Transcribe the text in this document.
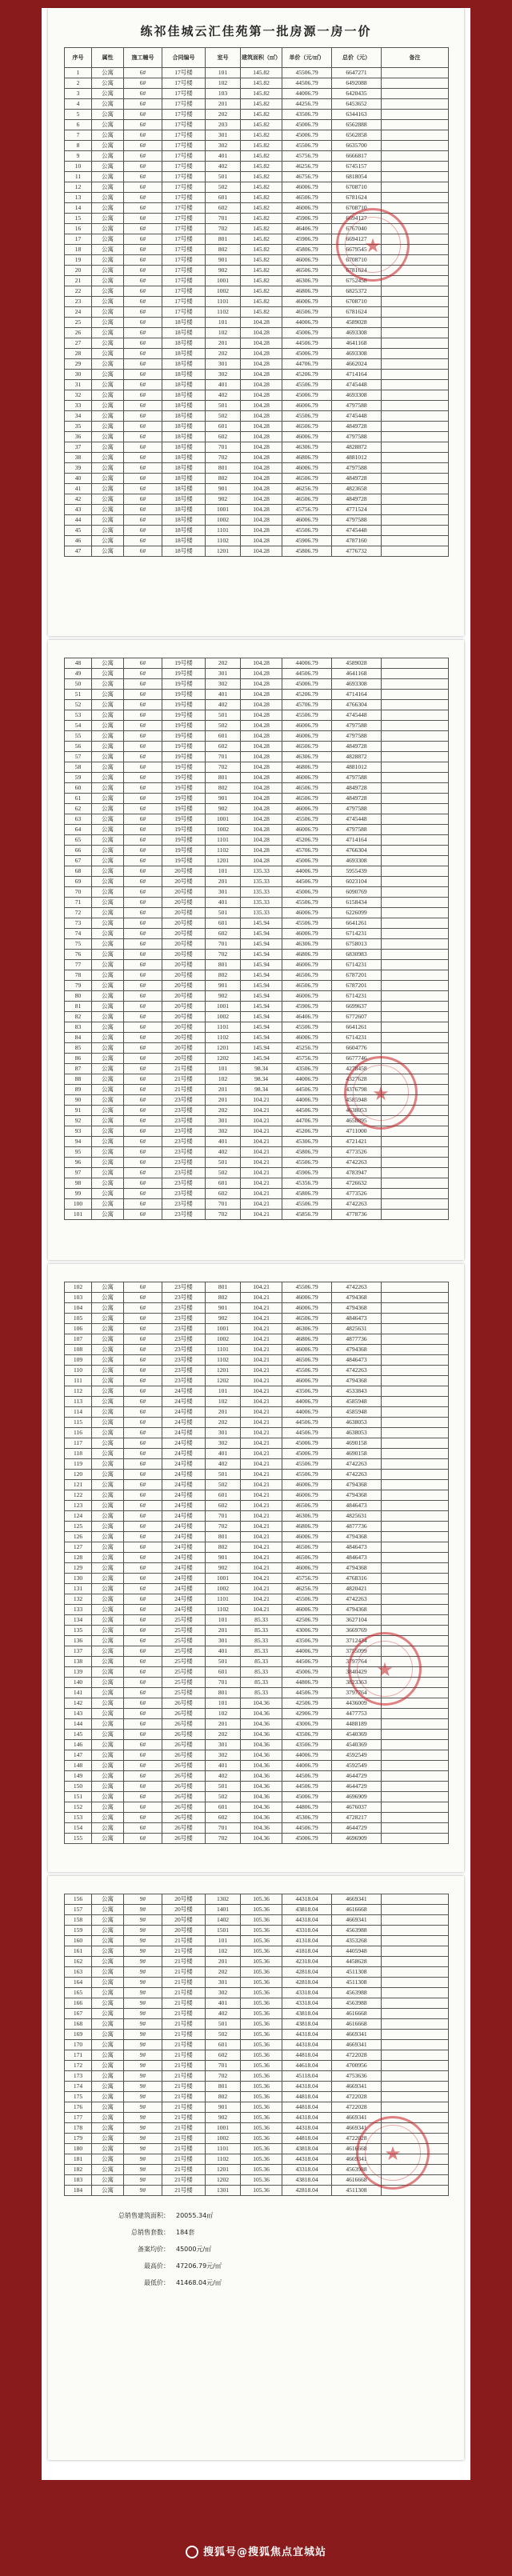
练祁佳城云汇佳苑第一批房源一房一价
序号	属性	施工幢号	合同编号	室号	建筑面积（㎡）	单价（元/㎡）	总价（元）	备注
1	公寓	6#	17号楼	101	145.82	45506.79	6647271	
2	公寓	6#	17号楼	102	145.82	44506.79	6492088	
3	公寓	6#	17号楼	103	145.82	44006.79	6420435	
4	公寓	6#	17号楼	201	145.82	44256.79	6453652	
5	公寓	6#	17号楼	202	145.82	43506.79	6344163	
6	公寓	6#	17号楼	203	145.82	45006.79	6562888	
7	公寓	6#	17号楼	301	145.82	45006.79	6562858	
8	公寓	6#	17号楼	302	145.82	45506.79	6635700	
9	公寓	6#	17号楼	401	145.82	45756.79	6666817	
10	公寓	6#	17号楼	402	145.82	46256.79	6745157	
11	公寓	6#	17号楼	501	145.82	46756.79	6818054	
12	公寓	6#	17号楼	502	145.82	46006.79	6708710	
13	公寓	6#	17号楼	601	145.82	46506.79	6781624	
14	公寓	6#	17号楼	602	145.82	46006.79	6708710	
15	公寓	6#	17号楼	701	145.82	45906.79	6694127	
16	公寓	6#	17号楼	702	145.82	46406.79	6767040	
17	公寓	6#	17号楼	801	145.82	45906.79	6694127	
18	公寓	6#	17号楼	802	145.82	45806.79	6679545	
19	公寓	6#	17号楼	901	145.82	46006.79	6708710	
20	公寓	6#	17号楼	902	145.82	46506.79	6781624	
21	公寓	6#	17号楼	1001	145.82	46306.79	6752458	
22	公寓	6#	17号楼	1002	145.82	46806.79	6825372	
23	公寓	6#	17号楼	1101	145.82	46006.79	6708710	
24	公寓	6#	17号楼	1102	145.82	46506.79	6781624	
25	公寓	6#	18号楼	101	104.28	44006.79	4589028	
26	公寓	6#	18号楼	102	104.28	45006.79	4693308	
27	公寓	6#	18号楼	201	104.28	44506.79	4641168	
28	公寓	6#	18号楼	202	104.28	45006.79	4693308	
29	公寓	6#	18号楼	301	104.28	44706.79	4662024	
30	公寓	6#	18号楼	302	104.28	45206.79	4714164	
31	公寓	6#	18号楼	401	104.28	45506.79	4745448	
32	公寓	6#	18号楼	402	104.28	45006.79	4693308	
33	公寓	6#	18号楼	501	104.28	46006.79	4797588	
34	公寓	6#	18号楼	502	104.28	45506.79	4745448	
35	公寓	6#	18号楼	601	104.28	46506.79	4849728	
36	公寓	6#	18号楼	602	104.28	46006.79	4797588	
37	公寓	6#	18号楼	701	104.28	46306.79	4828872	
38	公寓	6#	18号楼	702	104.28	46806.79	4881012	
39	公寓	6#	18号楼	801	104.28	46006.79	4797588	
40	公寓	6#	18号楼	802	104.28	46506.79	4849728	
41	公寓	6#	18号楼	901	104.28	46256.79	4823658	
42	公寓	6#	18号楼	902	104.28	46506.79	4849728	
43	公寓	6#	18号楼	1001	104.28	45756.79	4771524	
44	公寓	6#	18号楼	1002	104.28	46006.79	4797588	
45	公寓	6#	18号楼	1101	104.28	45506.79	4745448	
46	公寓	6#	18号楼	1102	104.28	45906.79	4787160	
47	公寓	6#	18号楼	1201	104.28	45806.79	4776732	
★
48	公寓	6#	19号楼	202	104.28	44006.79	4589028	
49	公寓	6#	19号楼	301	104.28	44506.79	4641168	
50	公寓	6#	19号楼	302	104.28	45006.79	4693308	
51	公寓	6#	19号楼	401	104.28	45206.79	4714164	
52	公寓	6#	19号楼	402	104.28	45706.79	4766304	
53	公寓	6#	19号楼	501	104.28	45506.79	4745448	
54	公寓	6#	19号楼	502	104.28	46006.79	4797588	
55	公寓	6#	19号楼	601	104.28	46006.79	4797588	
56	公寓	6#	19号楼	602	104.28	46506.79	4849728	
57	公寓	6#	19号楼	701	104.28	46306.79	4828872	
58	公寓	6#	19号楼	702	104.28	46806.79	4881012	
59	公寓	6#	19号楼	801	104.28	46006.79	4797588	
60	公寓	6#	19号楼	802	104.28	46506.79	4849728	
61	公寓	6#	19号楼	901	104.28	46506.79	4849728	
62	公寓	6#	19号楼	902	104.28	46006.79	4797588	
63	公寓	6#	19号楼	1001	104.28	45506.79	4745448	
64	公寓	6#	19号楼	1002	104.28	46006.79	4797588	
65	公寓	6#	19号楼	1101	104.28	45206.79	4714164	
66	公寓	6#	19号楼	1102	104.28	45706.79	4766304	
67	公寓	6#	19号楼	1201	104.28	45006.79	4693308	
68	公寓	6#	20号楼	101	135.33	44006.79	5955439	
69	公寓	6#	20号楼	201	135.33	44506.79	6023104	
70	公寓	6#	20号楼	301	135.33	45006.79	6090769	
71	公寓	6#	20号楼	401	135.33	45506.79	6158434	
72	公寓	6#	20号楼	501	135.33	46006.79	6226099	
73	公寓	6#	20号楼	601	145.94	45506.79	6641261	
74	公寓	6#	20号楼	602	145.94	46006.79	6714231	
75	公寓	6#	20号楼	701	145.94	46306.79	6758013	
76	公寓	6#	20号楼	702	145.94	46806.79	6830983	
77	公寓	6#	20号楼	801	145.94	46006.79	6714231	
78	公寓	6#	20号楼	802	145.94	46506.79	6787201	
79	公寓	6#	20号楼	901	145.94	46506.79	6787201	
80	公寓	6#	20号楼	902	145.94	46006.79	6714231	
81	公寓	6#	20号楼	1001	145.94	45906.79	6699637	
82	公寓	6#	20号楼	1002	145.94	46406.79	6772607	
83	公寓	6#	20号楼	1101	145.94	45506.79	6641261	
84	公寓	6#	20号楼	1102	145.94	46006.79	6714231	
85	公寓	6#	20号楼	1201	145.94	45256.79	6604776	
86	公寓	6#	20号楼	1202	145.94	45756.79	6677746	
87	公寓	6#	21号楼	101	98.34	43506.79	4278458	
88	公寓	6#	21号楼	102	98.34	44006.79	4327628	
89	公寓	6#	21号楼	201	98.34	44506.79	4376798	
90	公寓	6#	23号楼	201	104.21	44006.79	4585948	
91	公寓	6#	23号楼	202	104.21	44506.79	4638053	
92	公寓	6#	23号楼	301	104.21	44706.79	4658895	
93	公寓	6#	23号楼	302	104.21	45206.79	4711000	
94	公寓	6#	23号楼	401	104.21	45306.79	4721421	
95	公寓	6#	23号楼	402	104.21	45806.79	4773526	
96	公寓	6#	23号楼	501	104.21	45506.79	4742263	
97	公寓	6#	23号楼	502	104.21	45906.79	4783947	
98	公寓	6#	23号楼	601	104.21	45356.79	4726632	
99	公寓	6#	23号楼	602	104.21	45806.79	4773526	
100	公寓	6#	23号楼	701	104.21	45506.79	4742263	
101	公寓	6#	23号楼	702	104.21	45856.79	4778736	
★
102	公寓	6#	23号楼	801	104.21	45506.79	4742263	
103	公寓	6#	23号楼	802	104.21	46006.79	4794368	
104	公寓	6#	23号楼	901	104.21	46006.79	4794368	
105	公寓	6#	23号楼	902	104.21	46506.79	4846473	
106	公寓	6#	23号楼	1001	104.21	46306.79	4825631	
107	公寓	6#	23号楼	1002	104.21	46806.79	4877736	
108	公寓	6#	23号楼	1101	104.21	46006.79	4794368	
109	公寓	6#	23号楼	1102	104.21	46506.79	4846473	
110	公寓	6#	23号楼	1201	104.21	45506.79	4742263	
111	公寓	6#	23号楼	1202	104.21	46006.79	4794368	
112	公寓	6#	24号楼	101	104.21	43506.79	4533843	
113	公寓	6#	24号楼	102	104.21	44006.79	4585948	
114	公寓	6#	24号楼	201	104.21	44006.79	4585948	
115	公寓	6#	24号楼	202	104.21	44506.79	4638053	
116	公寓	6#	24号楼	301	104.21	44506.79	4638053	
117	公寓	6#	24号楼	302	104.21	45006.79	4690158	
118	公寓	6#	24号楼	401	104.21	45006.79	4690158	
119	公寓	6#	24号楼	402	104.21	45506.79	4742263	
120	公寓	6#	24号楼	501	104.21	45506.79	4742263	
121	公寓	6#	24号楼	502	104.21	46006.79	4794368	
122	公寓	6#	24号楼	601	104.21	46006.79	4794368	
123	公寓	6#	24号楼	602	104.21	46506.79	4846473	
124	公寓	6#	24号楼	701	104.21	46306.79	4825631	
125	公寓	6#	24号楼	702	104.21	46806.79	4877736	
126	公寓	6#	24号楼	801	104.21	46006.79	4794368	
127	公寓	6#	24号楼	802	104.21	46506.79	4846473	
128	公寓	6#	24号楼	901	104.21	46506.79	4846473	
129	公寓	6#	24号楼	902	104.21	46006.79	4794368	
130	公寓	6#	24号楼	1001	104.21	45756.79	4768316	
131	公寓	6#	24号楼	1002	104.21	46256.79	4820421	
132	公寓	6#	24号楼	1101	104.21	45506.79	4742263	
133	公寓	6#	24号楼	1102	104.21	46006.79	4794368	
134	公寓	6#	25号楼	101	85.33	42506.79	3627104	
135	公寓	6#	25号楼	201	85.33	43006.79	3669769	
136	公寓	6#	25号楼	301	85.33	43506.79	3712434	
137	公寓	6#	25号楼	401	85.33	44006.79	3755099	
138	公寓	6#	25号楼	501	85.33	44506.79	3797764	
139	公寓	6#	25号楼	601	85.33	45006.79	3840429	
140	公寓	6#	25号楼	701	85.33	44806.79	3823363	
141	公寓	6#	25号楼	801	85.33	44506.79	3797764	
142	公寓	6#	26号楼	101	104.36	42506.79	4436009	
143	公寓	6#	26号楼	102	104.36	42906.79	4477753	
144	公寓	6#	26号楼	201	104.36	43006.79	4488189	
145	公寓	6#	26号楼	202	104.36	43506.79	4540369	
146	公寓	6#	26号楼	301	104.36	43506.79	4540369	
147	公寓	6#	26号楼	302	104.36	44006.79	4592549	
148	公寓	6#	26号楼	401	104.36	44006.79	4592549	
149	公寓	6#	26号楼	402	104.36	44506.79	4644729	
150	公寓	6#	26号楼	501	104.36	44506.79	4644729	
151	公寓	6#	26号楼	502	104.36	45006.79	4696909	
152	公寓	6#	26号楼	601	104.36	44806.79	4676037	
153	公寓	6#	26号楼	602	104.36	45306.79	4728217	
154	公寓	6#	26号楼	701	104.36	44506.79	4644729	
155	公寓	6#	26号楼	702	104.36	45006.79	4696909	
★
156	公寓	9#	20号楼	1302	105.36	44318.04	4669341	
157	公寓	9#	20号楼	1401	105.36	43818.04	4616668	
158	公寓	9#	20号楼	1402	105.36	44318.04	4669341	
159	公寓	9#	20号楼	1501	105.36	43318.04	4563988	
160	公寓	9#	21号楼	101	105.36	41318.04	4353268	
161	公寓	9#	21号楼	102	105.36	41818.04	4405948	
162	公寓	9#	21号楼	201	105.36	42318.04	4458628	
163	公寓	9#	21号楼	202	105.36	42818.04	4511308	
164	公寓	9#	21号楼	301	105.36	42818.04	4511308	
165	公寓	9#	21号楼	302	105.36	43318.04	4563988	
166	公寓	9#	21号楼	401	105.36	43318.04	4563988	
167	公寓	9#	21号楼	402	105.36	43818.04	4616668	
168	公寓	9#	21号楼	501	105.36	43818.04	4616668	
169	公寓	9#	21号楼	502	105.36	44318.04	4669341	
170	公寓	9#	21号楼	601	105.36	44318.04	4669341	
171	公寓	9#	21号楼	602	105.36	44818.04	4722028	
172	公寓	9#	21号楼	701	105.36	44618.04	4700956	
173	公寓	9#	21号楼	702	105.36	45118.04	4753636	
174	公寓	9#	21号楼	801	105.36	44318.04	4669341	
175	公寓	9#	21号楼	802	105.36	44818.04	4722028	
176	公寓	9#	21号楼	901	105.36	44818.04	4722028	
177	公寓	9#	21号楼	902	105.36	44318.04	4669341	
178	公寓	9#	21号楼	1001	105.36	44318.04	4669341	
179	公寓	9#	21号楼	1002	105.36	44818.04	4722028	
180	公寓	9#	21号楼	1101	105.36	43818.04	4616668	
181	公寓	9#	21号楼	1102	105.36	44318.04	4669341	
182	公寓	9#	21号楼	1201	105.36	43318.04	4563988	
183	公寓	9#	21号楼	1202	105.36	43818.04	4616668	
184	公寓	9#	21号楼	1301	105.36	42818.04	4511308	
总销售建筑面积：	20055.34㎡
总销售套数：	184套
备案均价：	45000元/㎡
最高价：	47206.79元/㎡
最低价：	41468.04元/㎡
★
搜狐号@搜狐焦点宜城站
